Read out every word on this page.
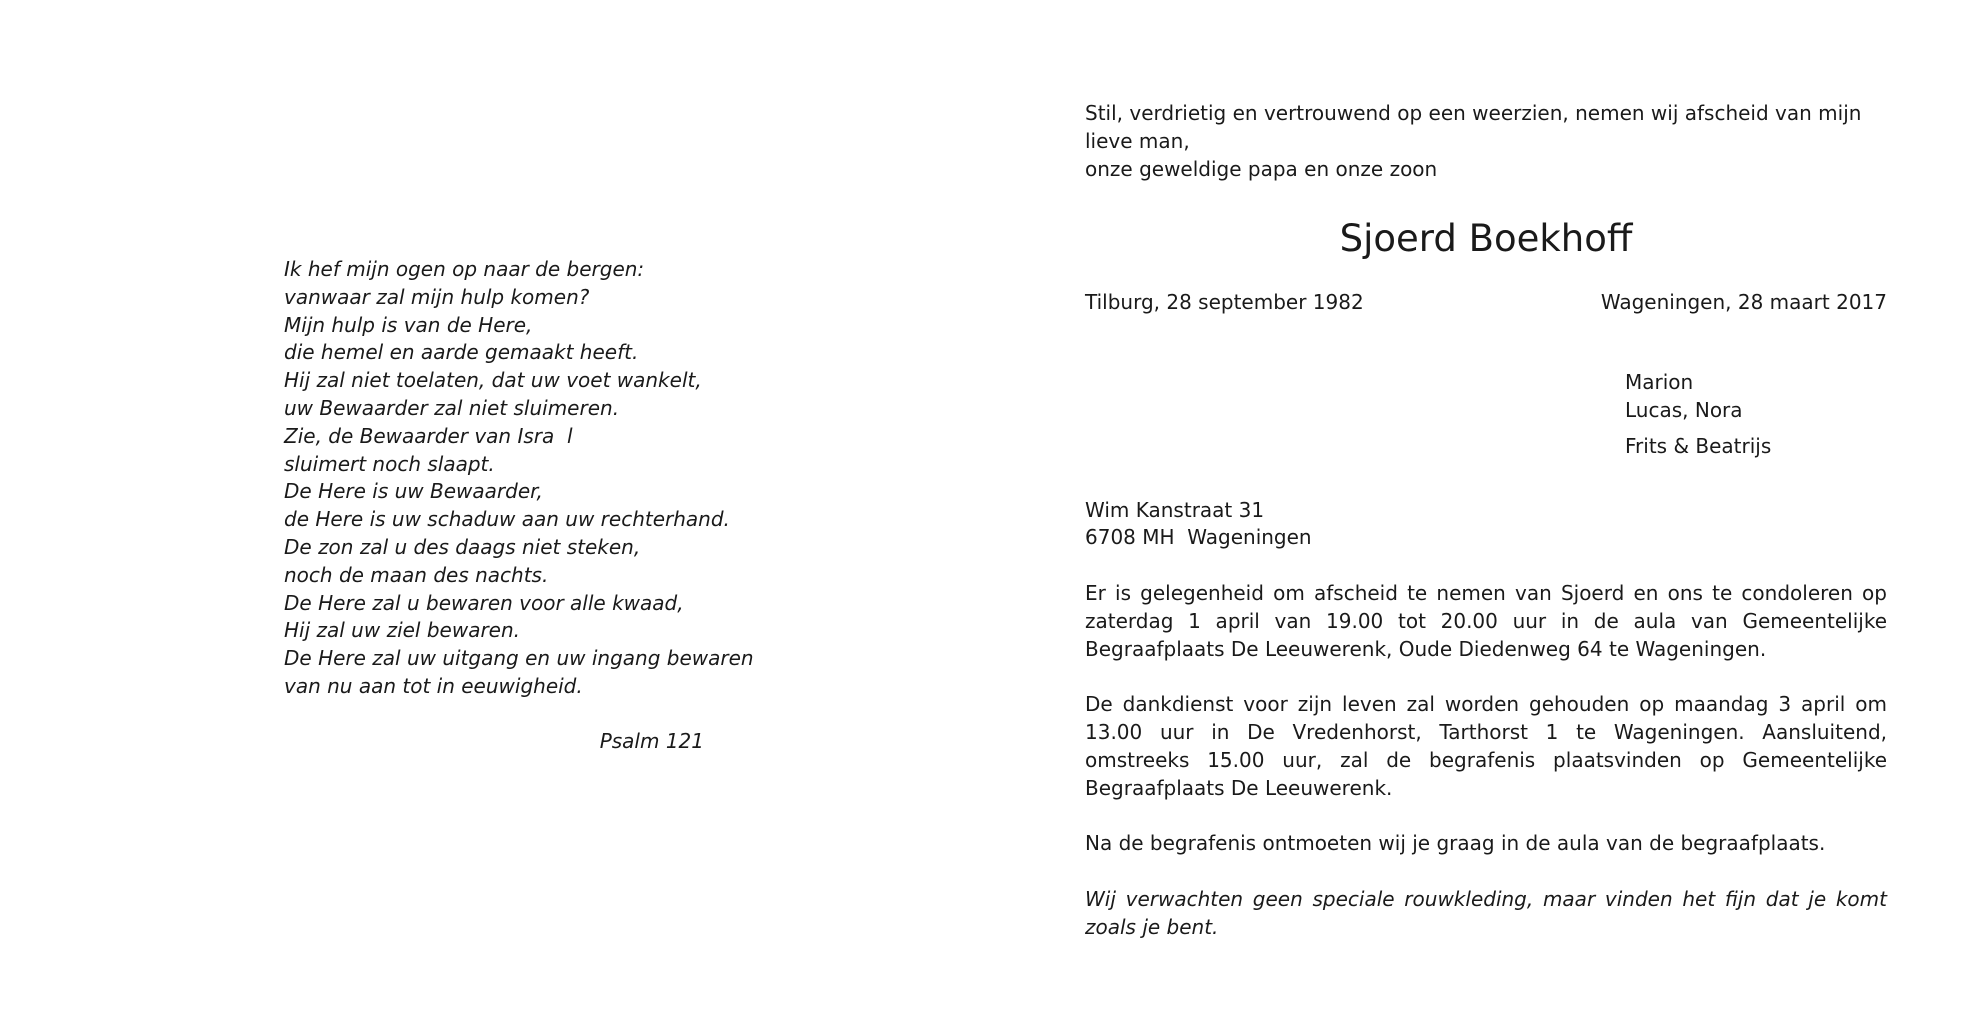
Ik hef mijn ogen op naar de bergen:
vanwaar zal mijn hulp komen?
Mijn hulp is van de Here,
die hemel en aarde gemaakt heeft.
Hij zal niet toelaten, dat uw voet wankelt,
uw Bewaarder zal niet sluimeren.
Zie, de Bewaarder van Isra  l
sluimert noch slaapt.
De Here is uw Bewaarder,
de Here is uw schaduw aan uw rechterhand.
De zon zal u des daags niet steken,
noch de maan des nachts.
De Here zal u bewaren voor alle kwaad,
Hij zal uw ziel bewaren.
De Here zal uw uitgang en uw ingang bewaren
van nu aan tot in eeuwigheid.
Psalm 121

Stil, verdrietig en vertrouwend op een weerzien, nemen wij afscheid van mijn lieve man,
onze geweldige papa en onze zoon

Sjoerd Boekhoff
Tilburg, 28 september 1982	Wageningen, 28 maart 2017
Marion
Lucas, Nora
Frits & Beatrijs
Wim Kanstraat 31
6708 MH  Wageningen

Er is gelegenheid om afscheid te nemen van Sjoerd en ons te condoleren op zaterdag 1 april van 19.00 tot 20.00 uur in de aula van Gemeentelijke Begraafplaats De Leeuwerenk, Oude Diedenweg 64 te Wageningen.

De dankdienst voor zijn leven zal worden gehouden op maandag 3 april om 13.00 uur in De Vredenhorst, Tarthorst 1 te Wageningen. Aansluitend, omstreeks 15.00 uur, zal de begrafenis plaatsvinden op Gemeentelijke Begraafplaats De Leeuwerenk.

Na de begrafenis ontmoeten wij je graag in de aula van de begraafplaats.

Wij verwachten geen speciale rouwkleding, maar vinden het fijn dat je komt zoals je bent.
